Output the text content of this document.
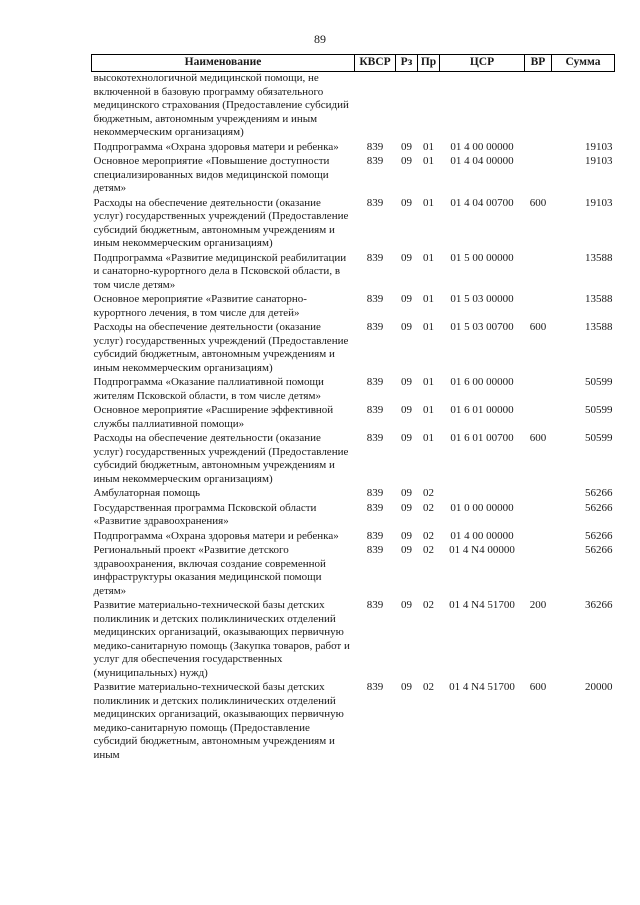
89
Наименование	КВСР	Рз	Пр	ЦСР	ВР	Сумма
высокотехнологичной медицинской помощи, не включенной в базовую программу обязательного медицинского страхования (Предоставление субсидий бюджетным, автономным учреждениям и иным некоммерческим организациям)						
Подпрограмма «Охрана здоровья матери и ребенка»	839	09	01	01 4 00 00000		19103
Основное мероприятие «Повышение доступности специализированных видов медицинской помощи детям»	839	09	01	01 4 04 00000		19103
Расходы на обеспечение деятельности (оказание услуг) государственных учреждений (Предоставление субсидий бюджетным, автономным учреждениям и иным некоммерческим организациям)	839	09	01	01 4 04 00700	600	19103
Подпрограмма «Развитие медицинской реабилитации и санаторно-курортного дела в Псковской области, в том числе детям»	839	09	01	01 5 00 00000		13588
Основное мероприятие «Развитие санаторно-курортного лечения, в том числе для детей»	839	09	01	01 5 03 00000		13588
Расходы на обеспечение деятельности (оказание услуг) государственных учреждений (Предоставление субсидий бюджетным, автономным учреждениям и иным некоммерческим организациям)	839	09	01	01 5 03 00700	600	13588
Подпрограмма «Оказание паллиативной помощи жителям Псковской области, в том числе детям»	839	09	01	01 6 00 00000		50599
Основное мероприятие «Расширение эффективной службы паллиативной помощи»	839	09	01	01 6 01 00000		50599
Расходы на обеспечение деятельности (оказание услуг) государственных учреждений (Предоставление субсидий бюджетным, автономным учреждениям и иным некоммерческим организациям)	839	09	01	01 6 01 00700	600	50599
Амбулаторная помощь	839	09	02			56266
Государственная программа Псковской области «Развитие здравоохранения»	839	09	02	01 0 00 00000		56266
Подпрограмма «Охрана здоровья матери и ребенка»	839	09	02	01 4 00 00000		56266
Региональный проект «Развитие детского здравоохранения, включая создание современной инфраструктуры оказания медицинской помощи детям»	839	09	02	01 4 N4 00000		56266
Развитие материально-технической базы детских поликлиник и детских поликлинических отделений медицинских организаций, оказывающих первичную медико-санитарную помощь (Закупка товаров, работ и услуг для обеспечения государственных (муниципальных) нужд)	839	09	02	01 4 N4 51700	200	36266
Развитие материально-технической базы детских поликлиник и детских поликлинических отделений медицинских организаций, оказывающих первичную медико-санитарную помощь (Предоставление субсидий бюджетным, автономным учреждениям и иным	839	09	02	01 4 N4 51700	600	20000
